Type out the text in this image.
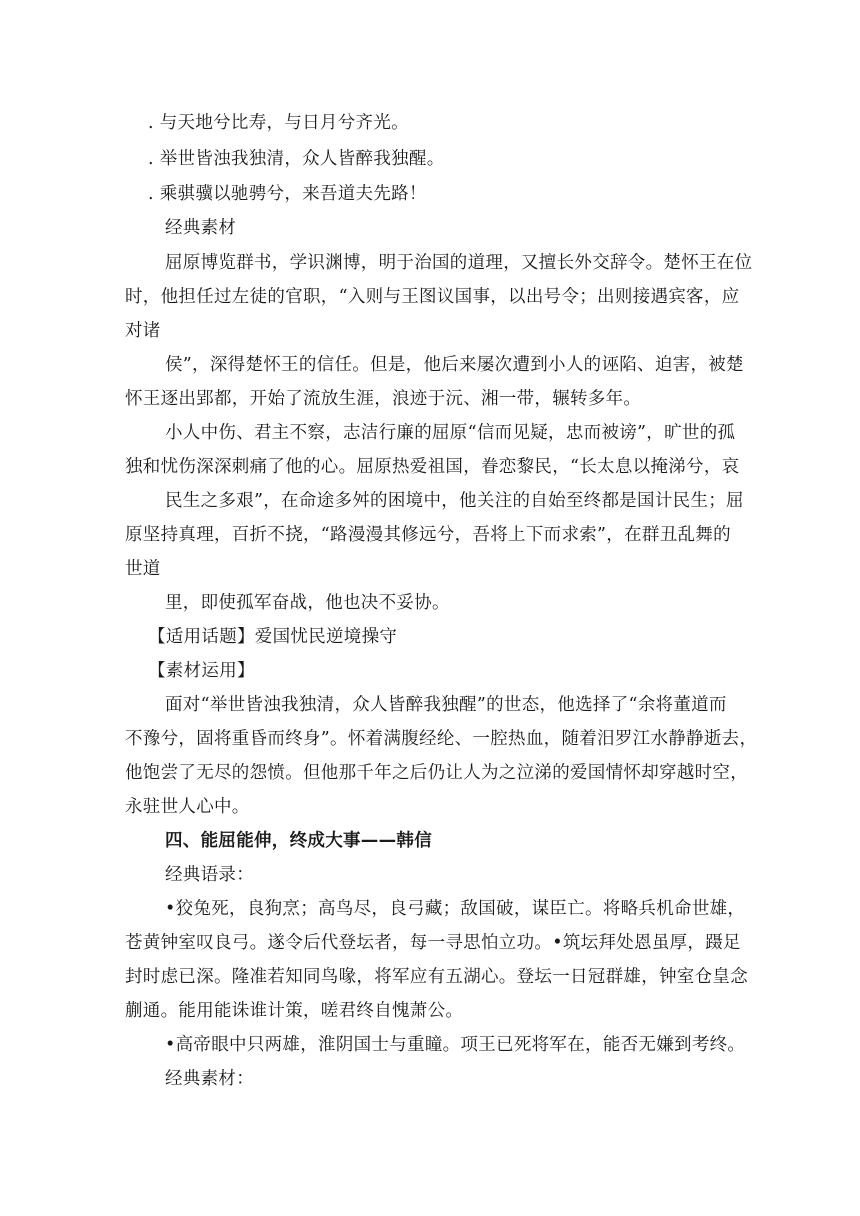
. 与天地兮比寿，与日月兮齐光。
. 举世皆浊我独清，众人皆醉我独醒。
. 乘骐骥以驰骋兮，来吾道夫先路！
经典素材
屈原博览群书，学识渊博，明于治国的道理，又擅长外交辞令。楚怀王在位
时，他担任过左徒的官职，“入则与王图议国事，以出号令；出则接遇宾客，应
对诸
侯”，深得楚怀王的信任。但是，他后来屡次遭到小人的诬陷、迫害，被楚
怀王逐出郢都，开始了流放生涯，浪迹于沅、湘一带，辗转多年。
小人中伤、君主不察，志洁行廉的屈原“信而见疑，忠而被谤”，旷世的孤
独和忧伤深深刺痛了他的心。屈原热爱祖国，眷恋黎民，“长太息以掩涕兮，哀
民生之多艰”，在命途多舛的困境中，他关注的自始至终都是国计民生；屈
原坚持真理，百折不挠，“路漫漫其修远兮，吾将上下而求索”，在群丑乱舞的
世道
里，即使孤军奋战，他也决不妥协。
【适用话题】爱国忧民逆境操守
【素材运用】
面对“举世皆浊我独清，众人皆醉我独醒”的世态，他选择了“余将董道而
不豫兮，固将重昏而终身”。怀着满腹经纶、一腔热血，随着汨罗江水静静逝去，
他饱尝了无尽的怨愤。但他那千年之后仍让人为之泣涕的爱国情怀却穿越时空，
永驻世人心中。
四、能屈能伸，终成大事——韩信
经典语录：
•狡兔死，良狗烹；高鸟尽，良弓藏；敌国破，谋臣亡。将略兵机命世雄，
苍黄钟室叹良弓。遂令后代登坛者，每一寻思怕立功。•筑坛拜处恩虽厚，蹑足
封时虑已深。隆准若知同鸟喙，将军应有五湖心。登坛一日冠群雄，钟室仓皇念
蒯通。能用能诛谁计策，嗟君终自愧萧公。
•高帝眼中只两雄，淮阴国士与重瞳。项王已死将军在，能否无嫌到考终。
经典素材：
